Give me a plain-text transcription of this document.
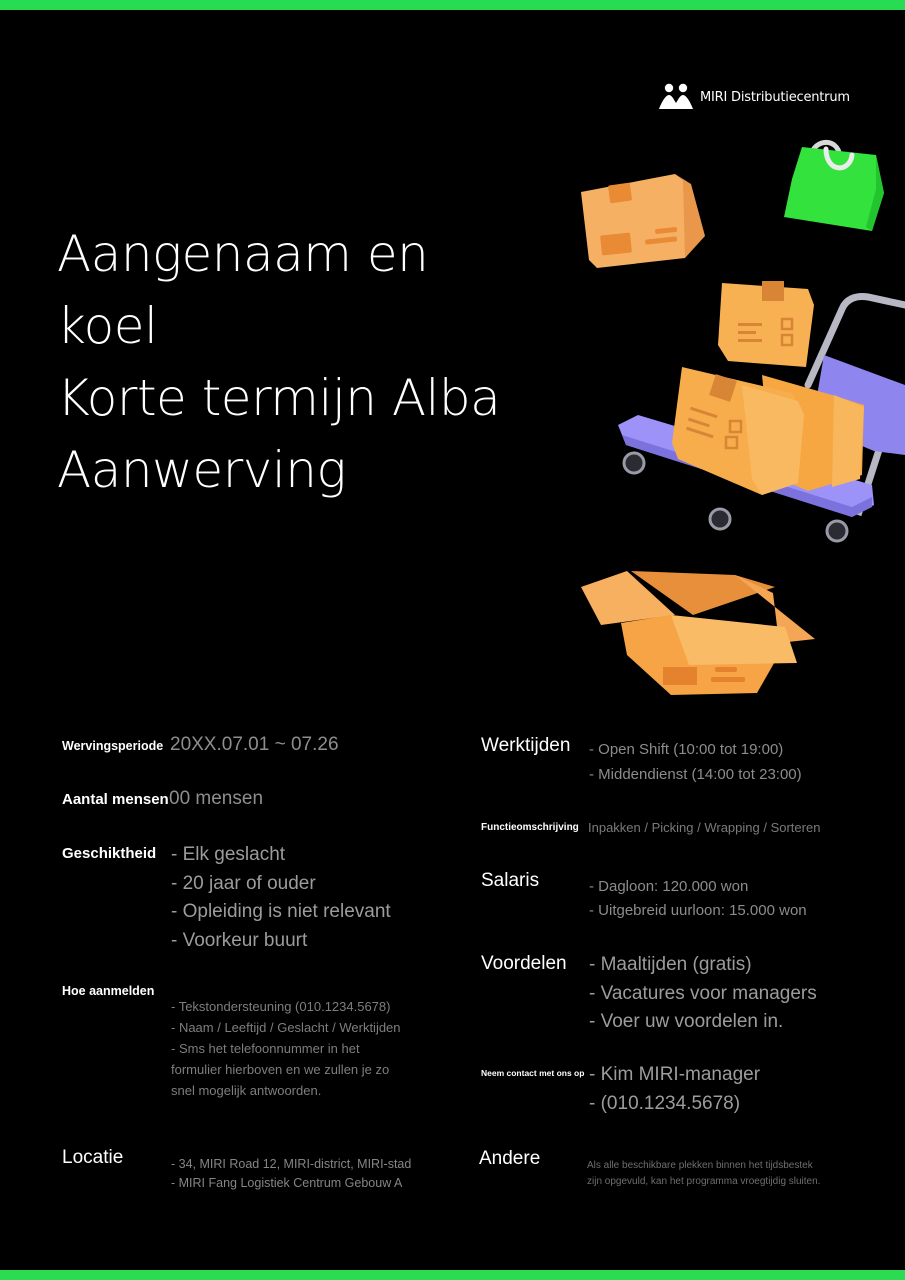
MIRI Distributiecentrum
Aangenaam en
koel
Korte termijn Alba
Aanwerving
Wervingsperiode 20XX.07.01 ~ 07.26
Aantal mensen 00 mensen
Geschiktheid - Elk geslacht
- 20 jaar of ouder
- Opleiding is niet relevant
- Voorkeur buurt
Hoe aanmelden
- Tekstondersteuning (010.1234.5678)
- Naam / Leeftijd / Geslacht / Werktijden
- Sms het telefoonnummer in het
formulier hierboven en we zullen je zo
snel mogelijk antwoorden.
Locatie	- 34, MIRI Road 12, MIRI-district, MIRI-stad
- MIRI Fang Logistiek Centrum Gebouw A
Werktijden - Open Shift (10:00 tot 19:00)
- Middendienst (14:00 tot 23:00)
Functieomschrijving Inpakken / Picking / Wrapping / Sorteren
Salaris	- Dagloon: 120.000 won
- Uitgebreid uurloon: 15.000 won
Voordelen - Maaltijden (gratis)
- Vacatures voor managers
- Voer uw voordelen in.
Neem contact met ons op - Kim MIRI-manager
- (010.1234.5678)
Andere	Als alle beschikbare plekken binnen het tijdsbestek
zijn opgevuld, kan het programma vroegtijdig sluiten.
